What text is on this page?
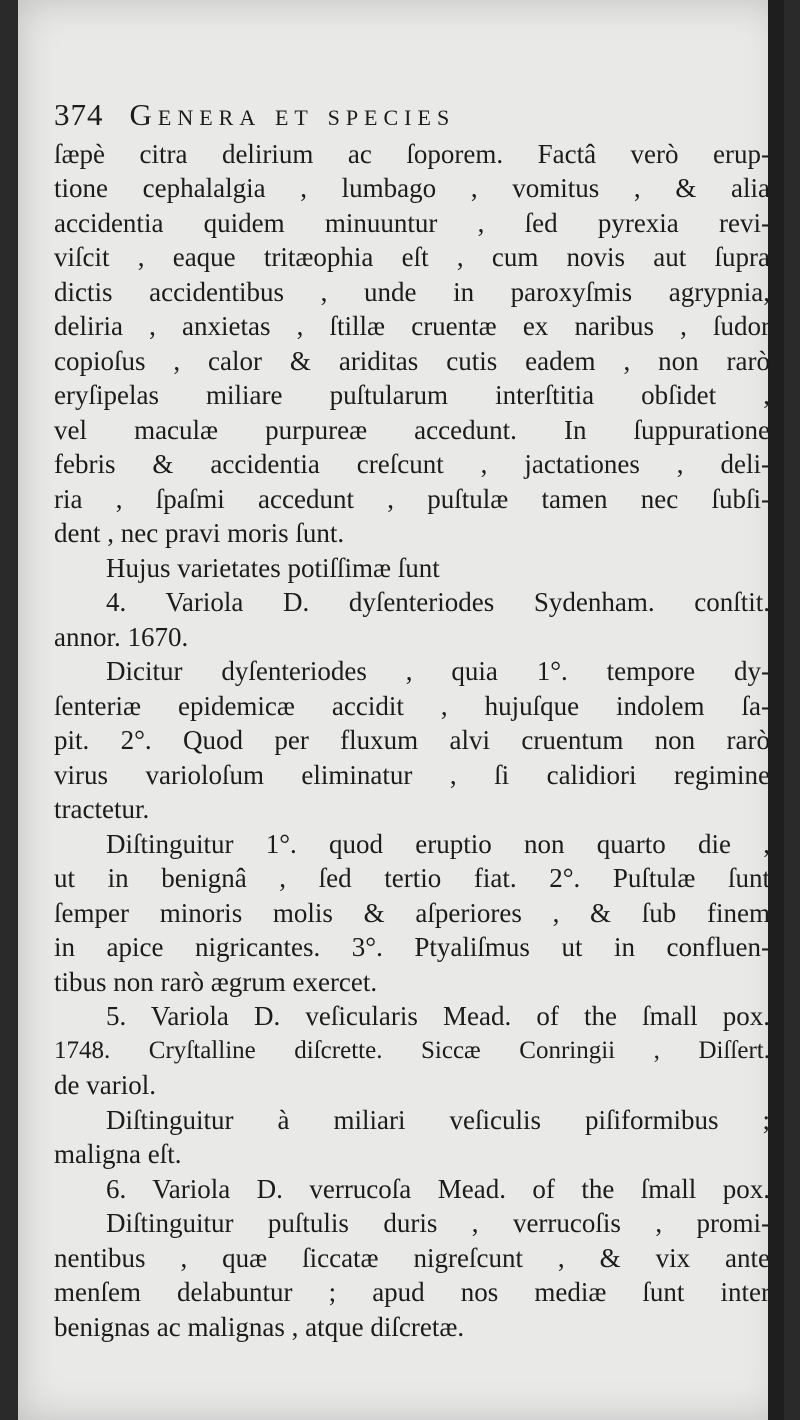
374 Genera et species
ſæpè citra delirium ac ſoporem. Factâ verò erup-
tione cephalalgia , lumbago , vomitus , & alia
accidentia quidem minuuntur , ſed pyrexia revi-
viſcit , eaque tritæophia eſt , cum novis aut ſupra
dictis accidentibus , unde in paroxyſmis agrypnia,
deliria , anxietas , ſtillæ cruentæ ex naribus , ſudor
copioſus , calor & ariditas cutis eadem , non rarò
eryſipelas miliare puſtularum interſtitia obſidet ,
vel maculæ purpureæ accedunt. In ſuppuratione
febris & accidentia creſcunt , jactationes , deli-
ria , ſpaſmi accedunt , puſtulæ tamen nec ſubſi-
dent , nec pravi moris ſunt.
Hujus varietates potiſſimæ ſunt
4. Variola D. dyſenteriodes Sydenham. conſtit.
annor. 1670.
Dicitur dyſenteriodes , quia 1°. tempore dy-
ſenteriæ epidemicæ accidit , hujuſque indolem ſa-
pit. 2°. Quod per fluxum alvi cruentum non rarò
virus varioloſum eliminatur , ſi calidiori regimine
tractetur.
Diſtinguitur 1°. quod eruptio non quarto die ,
ut in benignâ , ſed tertio fiat. 2°. Puſtulæ ſunt
ſemper minoris molis & aſperiores , & ſub finem
in apice nigricantes. 3°. Ptyaliſmus ut in confluen-
tibus non rarò ægrum exercet.
5. Variola D. veſicularis Mead. of the ſmall pox.
1748. Cryſtalline diſcrette. Siccæ Conringii , Diſſert.
de variol.
Diſtinguitur à miliari veſiculis piſiformibus ;
maligna eſt.
6. Variola D. verrucoſa Mead. of the ſmall pox.
Diſtinguitur puſtulis duris , verrucoſis , promi-
nentibus , quæ ſiccatæ nigreſcunt , & vix ante
menſem delabuntur ; apud nos mediæ ſunt inter
benignas ac malignas , atque diſcretæ.
